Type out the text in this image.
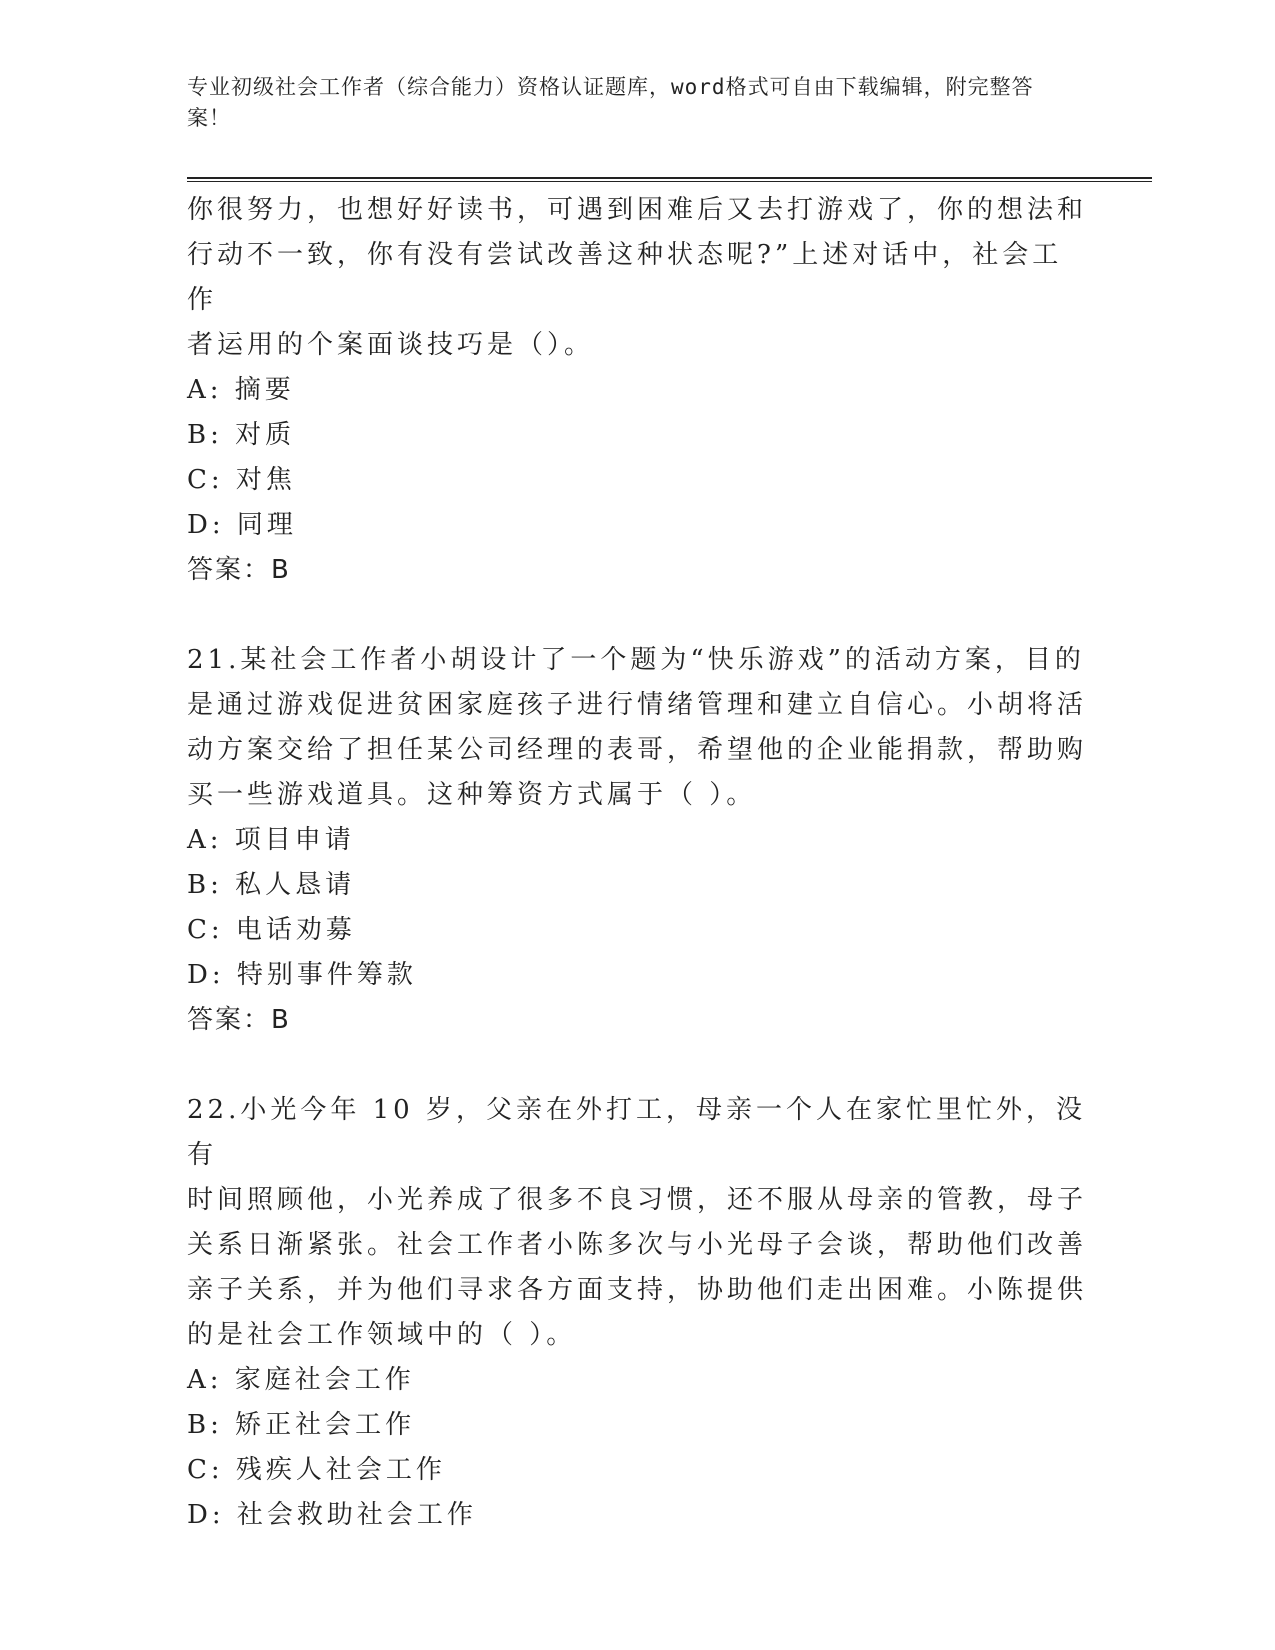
专业初级社会工作者（综合能力）资格认证题库，word格式可自由下载编辑，附完整答案！

你很努力，也想好好读书，可遇到困难后又去打游戏了，你的想法和

行动不一致，你有没有尝试改善这种状态呢?”上述对话中，社会工作

者运用的个案面谈技巧是（）。

A: 摘要

B: 对质

C: 对焦

D: 同理

答案：B

21.某社会工作者小胡设计了一个题为“快乐游戏”的活动方案，目的

是通过游戏促进贫困家庭孩子进行情绪管理和建立自信心。小胡将活

动方案交给了担任某公司经理的表哥，希望他的企业能捐款，帮助购

买一些游戏道具。这种筹资方式属于（ ）。

A: 项目申请

B: 私人恳请

C: 电话劝募

D: 特别事件筹款

答案：B

22.小光今年 10 岁，父亲在外打工，母亲一个人在家忙里忙外，没有

时间照顾他，小光养成了很多不良习惯，还不服从母亲的管教，母子

关系日渐紧张。社会工作者小陈多次与小光母子会谈，帮助他们改善

亲子关系，并为他们寻求各方面支持，协助他们走出困难。小陈提供

的是社会工作领域中的（ ）。

A: 家庭社会工作

B: 矫正社会工作

C: 残疾人社会工作

D: 社会救助社会工作
